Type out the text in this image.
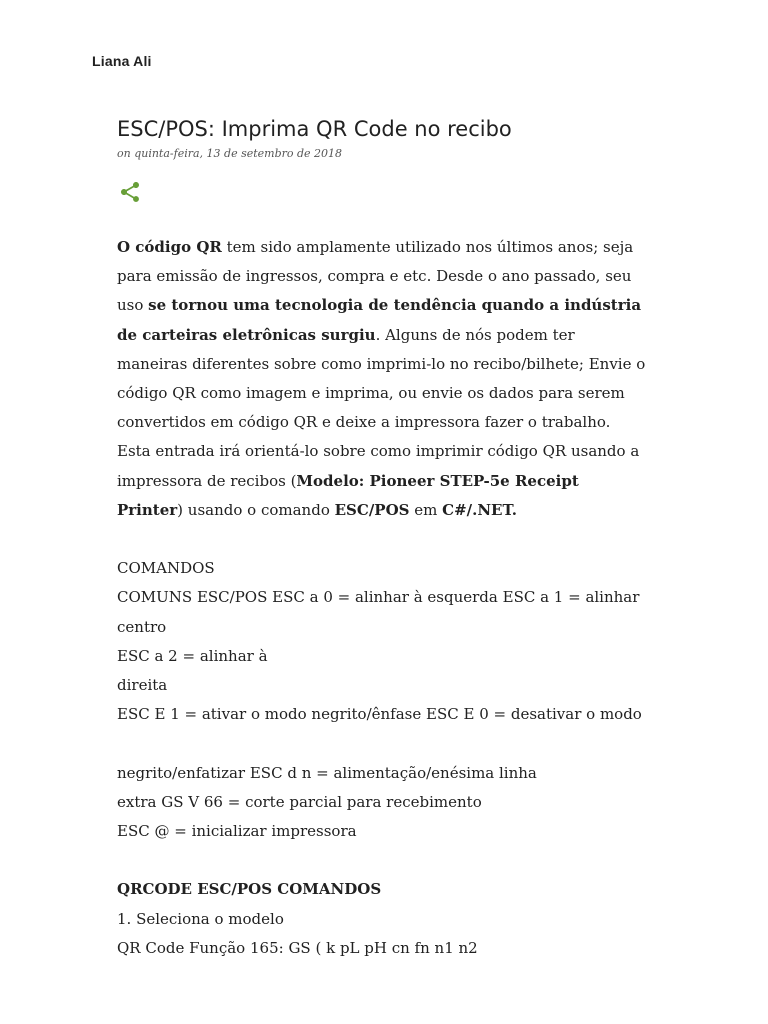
Liana Ali
ESC/POS: Imprima QR Code no recibo
on quinta-feira, 13 de setembro de 2018

O código QR tem sido amplamente utilizado nos últimos anos; seja para emissão de ingressos, compra e etc. Desde o ano passado, seu uso se tornou uma tecnologia de tendência quando a indústria de carteiras eletrônicas surgiu. Alguns de nós podem ter maneiras diferentes sobre como imprimi-lo no recibo/bilhete; Envie o código QR como imagem e imprima, ou envie os dados para serem convertidos em código QR e deixe a impressora fazer o trabalho. Esta entrada irá orientá-lo sobre como imprimir código QR usando a impressora de recibos (Modelo: Pioneer STEP-5e Receipt Printer) usando o comando ESC/POS em C#/.NET.

COMANDOS

COMUNS ESC/POS ESC a 0 = alinhar à esquerda ESC a 1 = alinhar centro

ESC a 2 = alinhar à

direita

ESC E 1 = ativar o modo negrito/ênfase ESC E 0 = desativar o modo

negrito/enfatizar ESC d n = alimentação/enésima linha

extra GS V 66 = corte parcial para recebimento

ESC @ = inicializar impressora

QRCODE ESC/POS COMANDOS

1. Seleciona o modelo

QR Code Função 165: GS ( k pL pH cn fn n1 n2
